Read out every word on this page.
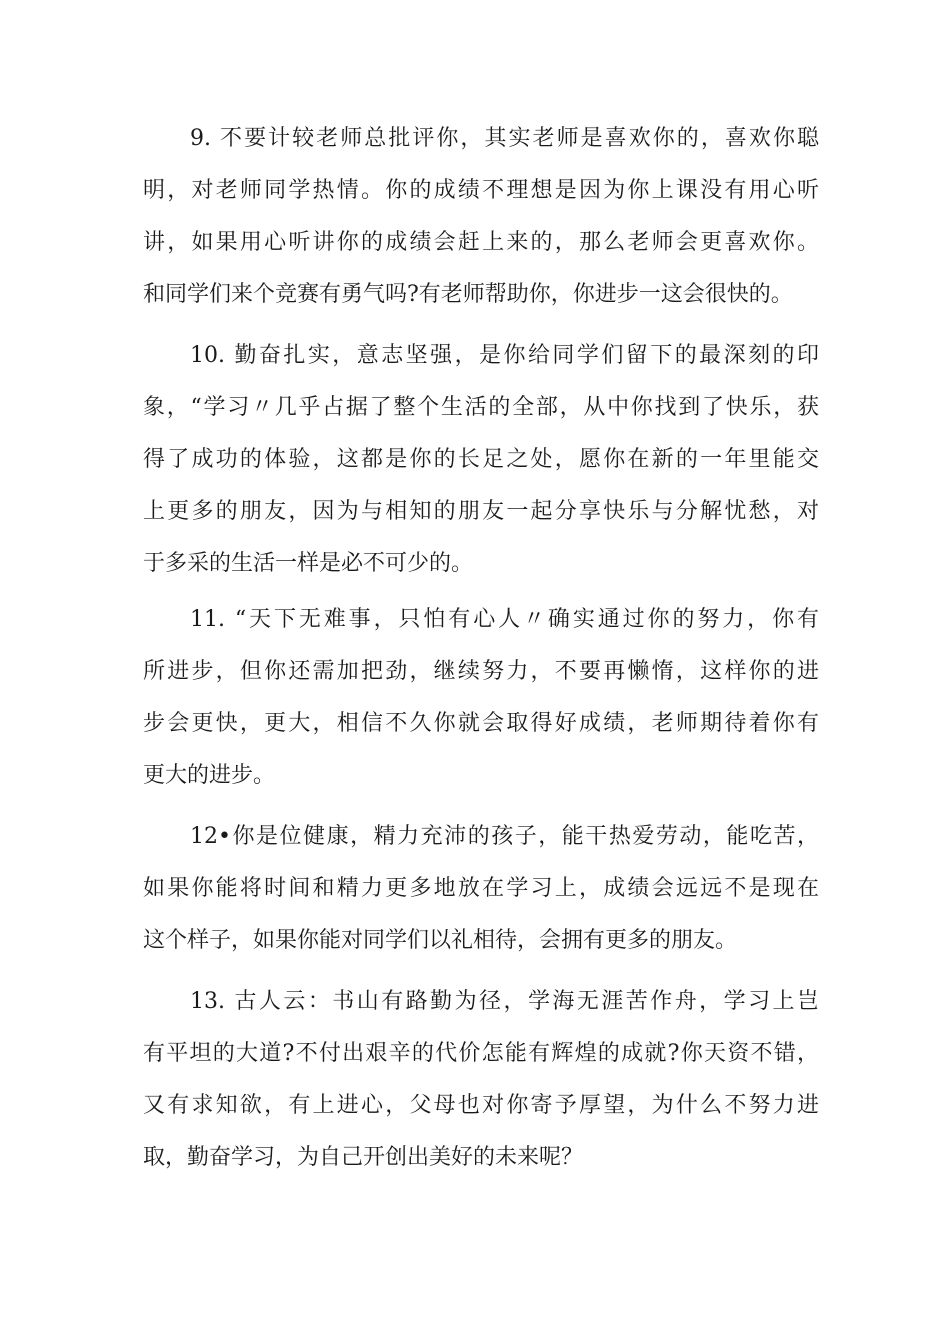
9. 不要计较老师总批评你，其实老师是喜欢你的，喜欢你聪
明，对老师同学热情。你的成绩不理想是因为你上课没有用心听
讲，如果用心听讲你的成绩会赶上来的，那么老师会更喜欢你。
和同学们来个竞赛有勇气吗?有老师帮助你，你进步一这会很快的。
10. 勤奋扎实，意志坚强，是你给同学们留下的最深刻的印
象，“学习〃几乎占据了整个生活的全部，从中你找到了快乐，获
得了成功的体验，这都是你的长足之处，愿你在新的一年里能交
上更多的朋友，因为与相知的朋友一起分享快乐与分解忧愁，对
于多采的生活一样是必不可少的。
11. “天下无难事，只怕有心人〃确实通过你的努力，你有
所进步，但你还需加把劲，继续努力，不要再懒惰，这样你的进
步会更快，更大，相信不久你就会取得好成绩，老师期待着你有
更大的进步。
12•你是位健康，精力充沛的孩子，能干热爱劳动，能吃苦，
如果你能将时间和精力更多地放在学习上，成绩会远远不是现在
这个样子，如果你能对同学们以礼相待，会拥有更多的朋友。
13. 古人云：书山有路勤为径，学海无涯苦作舟，学习上岂
有平坦的大道?不付出艰辛的代价怎能有辉煌的成就?你天资不错，
又有求知欲，有上进心，父母也对你寄予厚望，为什么不努力进
取，勤奋学习，为自己开创出美好的未来呢？
